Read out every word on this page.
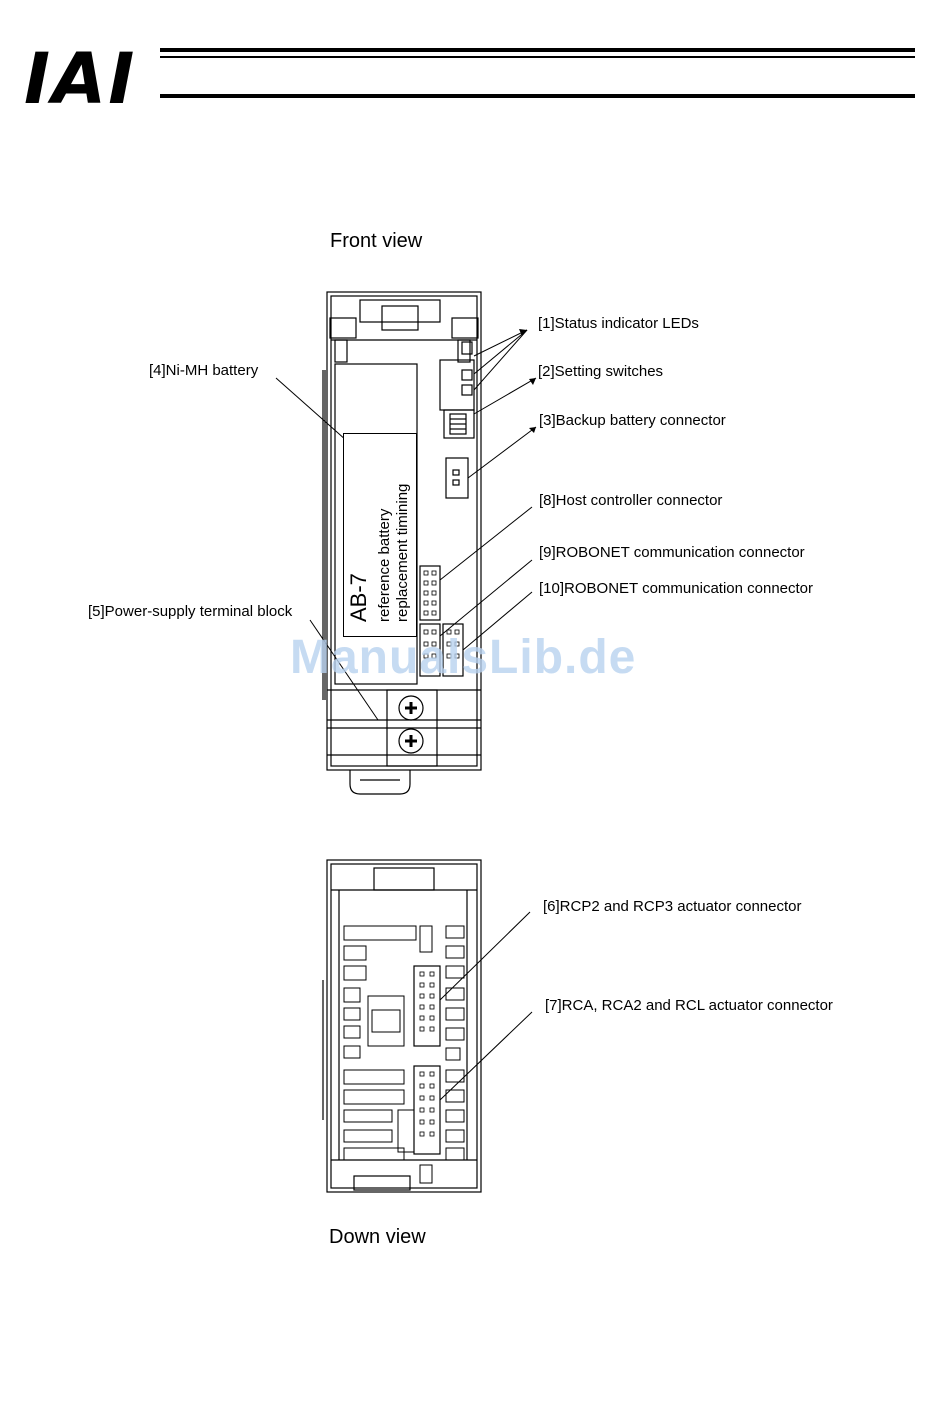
IAI
Front view
Down view
AB-7 reference battery replacement timining
[1]Status indicator LEDs
[2]Setting switches
[3]Backup battery connector
[4]Ni-MH battery
[8]Host controller connector
[9]ROBONET communication connector
[10]ROBONET communication connector
[5]Power-supply terminal block
[6]RCP2 and RCP3 actuator connector
[7]RCA, RCA2 and RCL actuator connector
ManualsLib.de
